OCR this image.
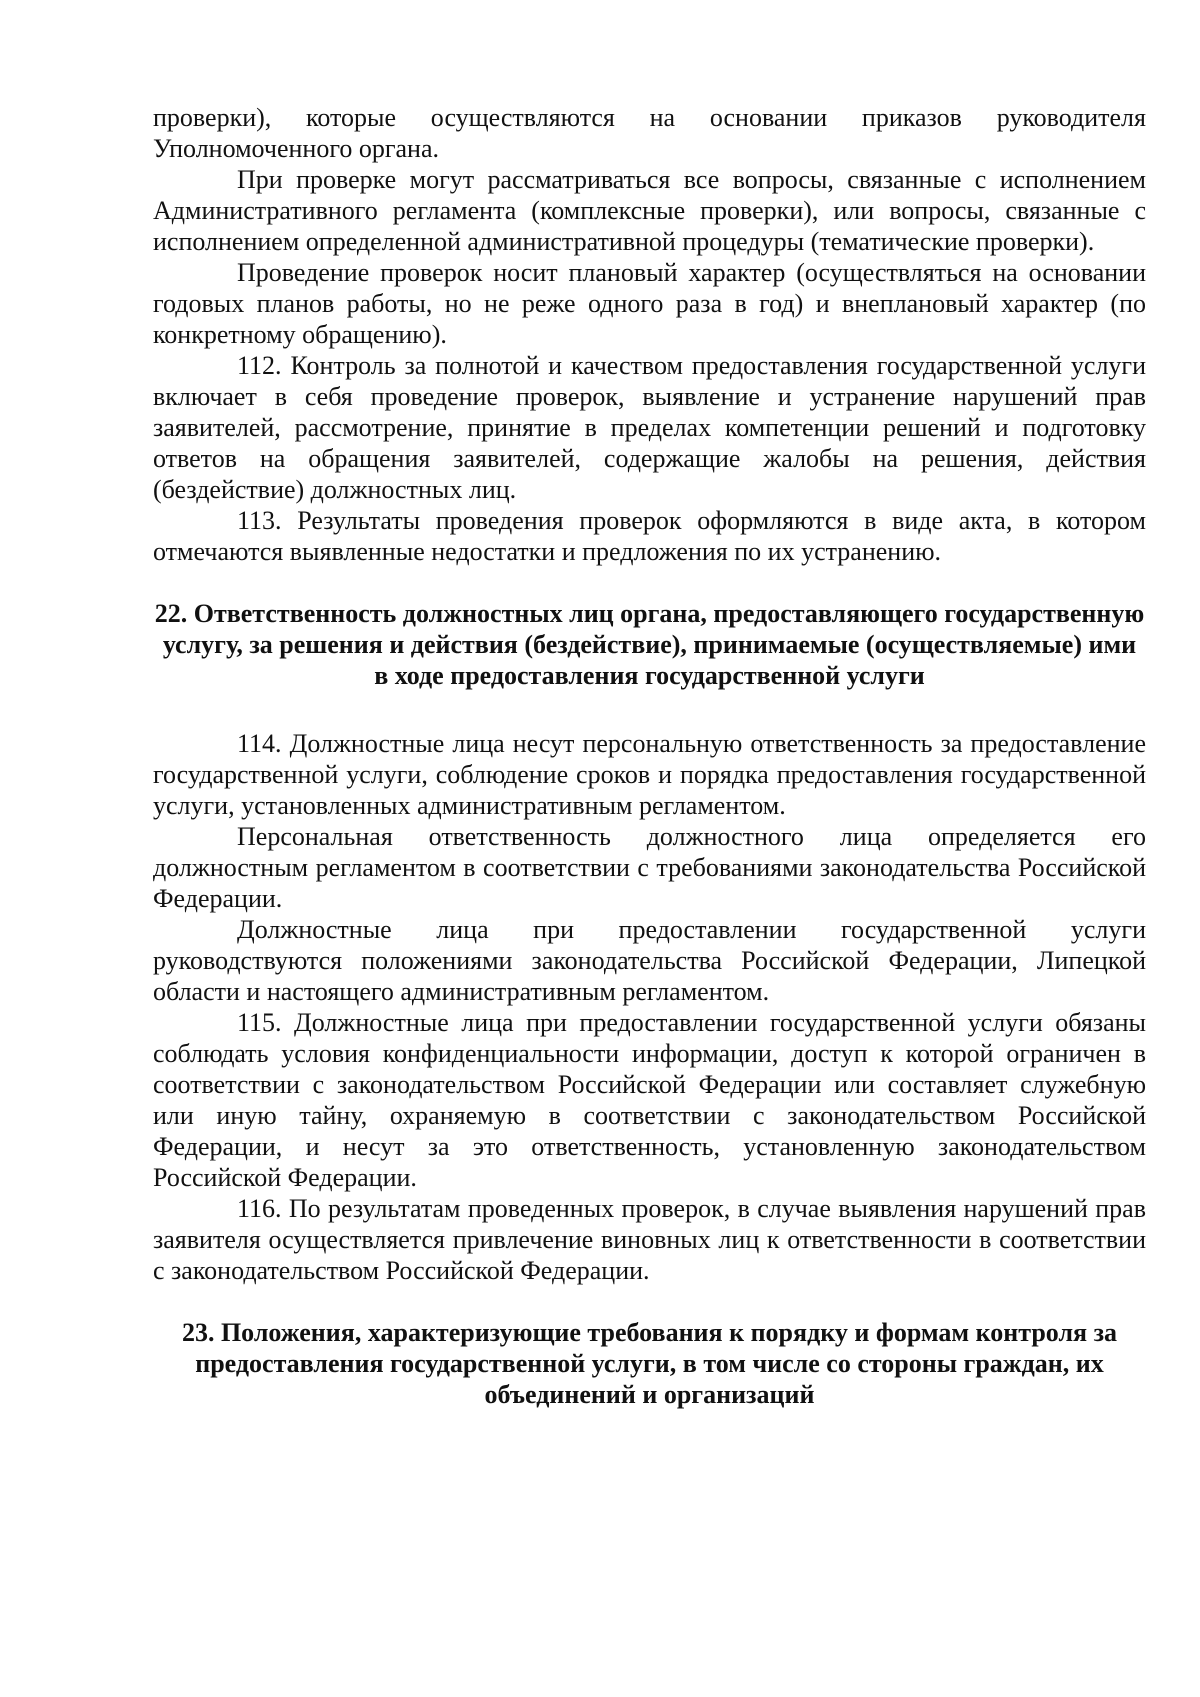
проверки), которые осуществляются на основании приказов руководителя Уполномоченного органа.

При проверке могут рассматриваться все вопросы, связанные с исполнением Административного регламента (комплексные проверки), или вопросы, связанные с исполнением определенной административной процедуры (тематические проверки).

Проведение проверок носит плановый характер (осуществляться на основании годовых планов работы, но не реже одного раза в год) и внеплановый характер (по конкретному обращению).

112. Контроль за полнотой и качеством предоставления государственной услуги включает в себя проведение проверок, выявление и устранение нарушений прав заявителей, рассмотрение, принятие в пределах компетенции решений и подготовку ответов на обращения заявителей, содержащие жалобы на решения, действия (бездействие) должностных лиц.

113. Результаты проведения проверок оформляются в виде акта, в котором отмечаются выявленные недостатки и предложения по их устранению.

22. Ответственность должностных лиц органа, предоставляющего государственную услугу, за решения и действия (бездействие), принимаемые (осуществляемые) ими в ходе предоставления государственной услуги

114. Должностные лица несут персональную ответственность за предоставление государственной услуги, соблюдение сроков и порядка предоставления государственной услуги, установленных административным регламентом.

Персональная ответственность должностного лица определяется его должностным регламентом в соответствии с требованиями законодательства Российской Федерации.

Должностные лица при предоставлении государственной услуги руководствуются положениями законодательства Российской Федерации, Липецкой области и настоящего административным регламентом.

115. Должностные лица при предоставлении государственной услуги обязаны соблюдать условия конфиденциальности информации, доступ к которой ограничен в соответствии с законодательством Российской Федерации или составляет служебную или иную тайну, охраняемую в соответствии с законодательством Российской Федерации, и несут за это ответственность, установленную законодательством Российской Федерации.

116. По результатам проведенных проверок, в случае выявления нарушений прав заявителя осуществляется привлечение виновных лиц к ответственности в соответствии с законодательством Российской Федерации.

23. Положения, характеризующие требования к порядку и формам контроля за предоставления государственной услуги, в том числе со стороны граждан, их объединений и организаций
